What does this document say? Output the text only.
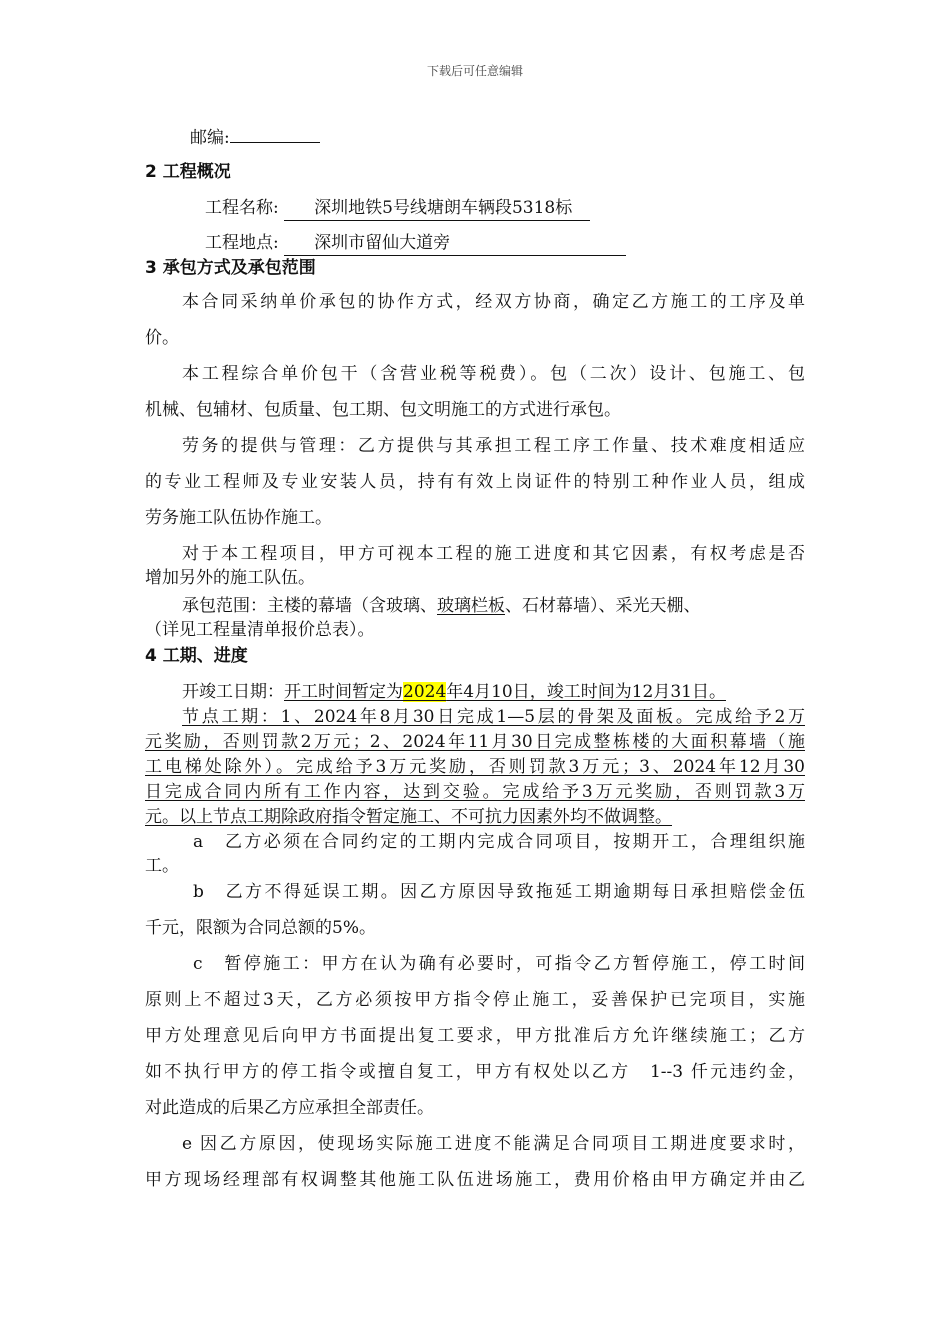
下载后可任意编辑
邮编:
2 工程概况
工程名称: 深圳地铁5号线塘朗车辆段5318标
工程地点: 深圳市留仙大道旁
3 承包方式及承包范围
本合同采纳单价承包的协作方式，经双方协商，确定乙方施工的工序及单
价。
本工程综合单价包干（含营业税等税费）。包（二次）设计、包施工、包
机械、包辅材、包质量、包工期、包文明施工的方式进行承包。
劳务的提供与管理：乙方提供与其承担工程工序工作量、技术难度相适应
的专业工程师及专业安装人员，持有有效上岗证件的特别工种作业人员，组成
劳务施工队伍协作施工。
对于本工程项目，甲方可视本工程的施工进度和其它因素，有权考虑是否
增加另外的施工队伍。
承包范围：主楼的幕墙（含玻璃、玻璃栏板、石材幕墙）、采光天棚、
（详见工程量清单报价总表）。
4 工期、进度
开竣工日期：开工时间暂定为2024年4月10日，竣工时间为12月31日。
节点工期：1、2024年8月30日完成1—5层的骨架及面板。完成给予2万
元奖励，否则罚款2万元；2、2024年11月30日完成整栋楼的大面积幕墙（施
工电梯处除外）。完成给予3万元奖励，否则罚款3万元；3、2024年12月30
日完成合同内所有工作内容，达到交验。完成给予3万元奖励，否则罚款3万
元。以上节点工期除政府指令暂定施工、不可抗力因素外均不做调整。
a　乙方必须在合同约定的工期内完成合同项目，按期开工，合理组织施
工。
b　乙方不得延误工期。因乙方原因导致拖延工期逾期每日承担赔偿金伍
千元，限额为合同总额的5%。
c　暂停施工：甲方在认为确有必要时，可指令乙方暂停施工，停工时间
原则上不超过3天，乙方必须按甲方指令停止施工，妥善保护已完项目，实施
甲方处理意见后向甲方书面提出复工要求，甲方批准后方允许继续施工；乙方
如不执行甲方的停工指令或擅自复工，甲方有权处以乙方　1--3 仟元违约金，
对此造成的后果乙方应承担全部责任。
e 因乙方原因，使现场实际施工进度不能满足合同项目工期进度要求时，
甲方现场经理部有权调整其他施工队伍进场施工，费用价格由甲方确定并由乙
